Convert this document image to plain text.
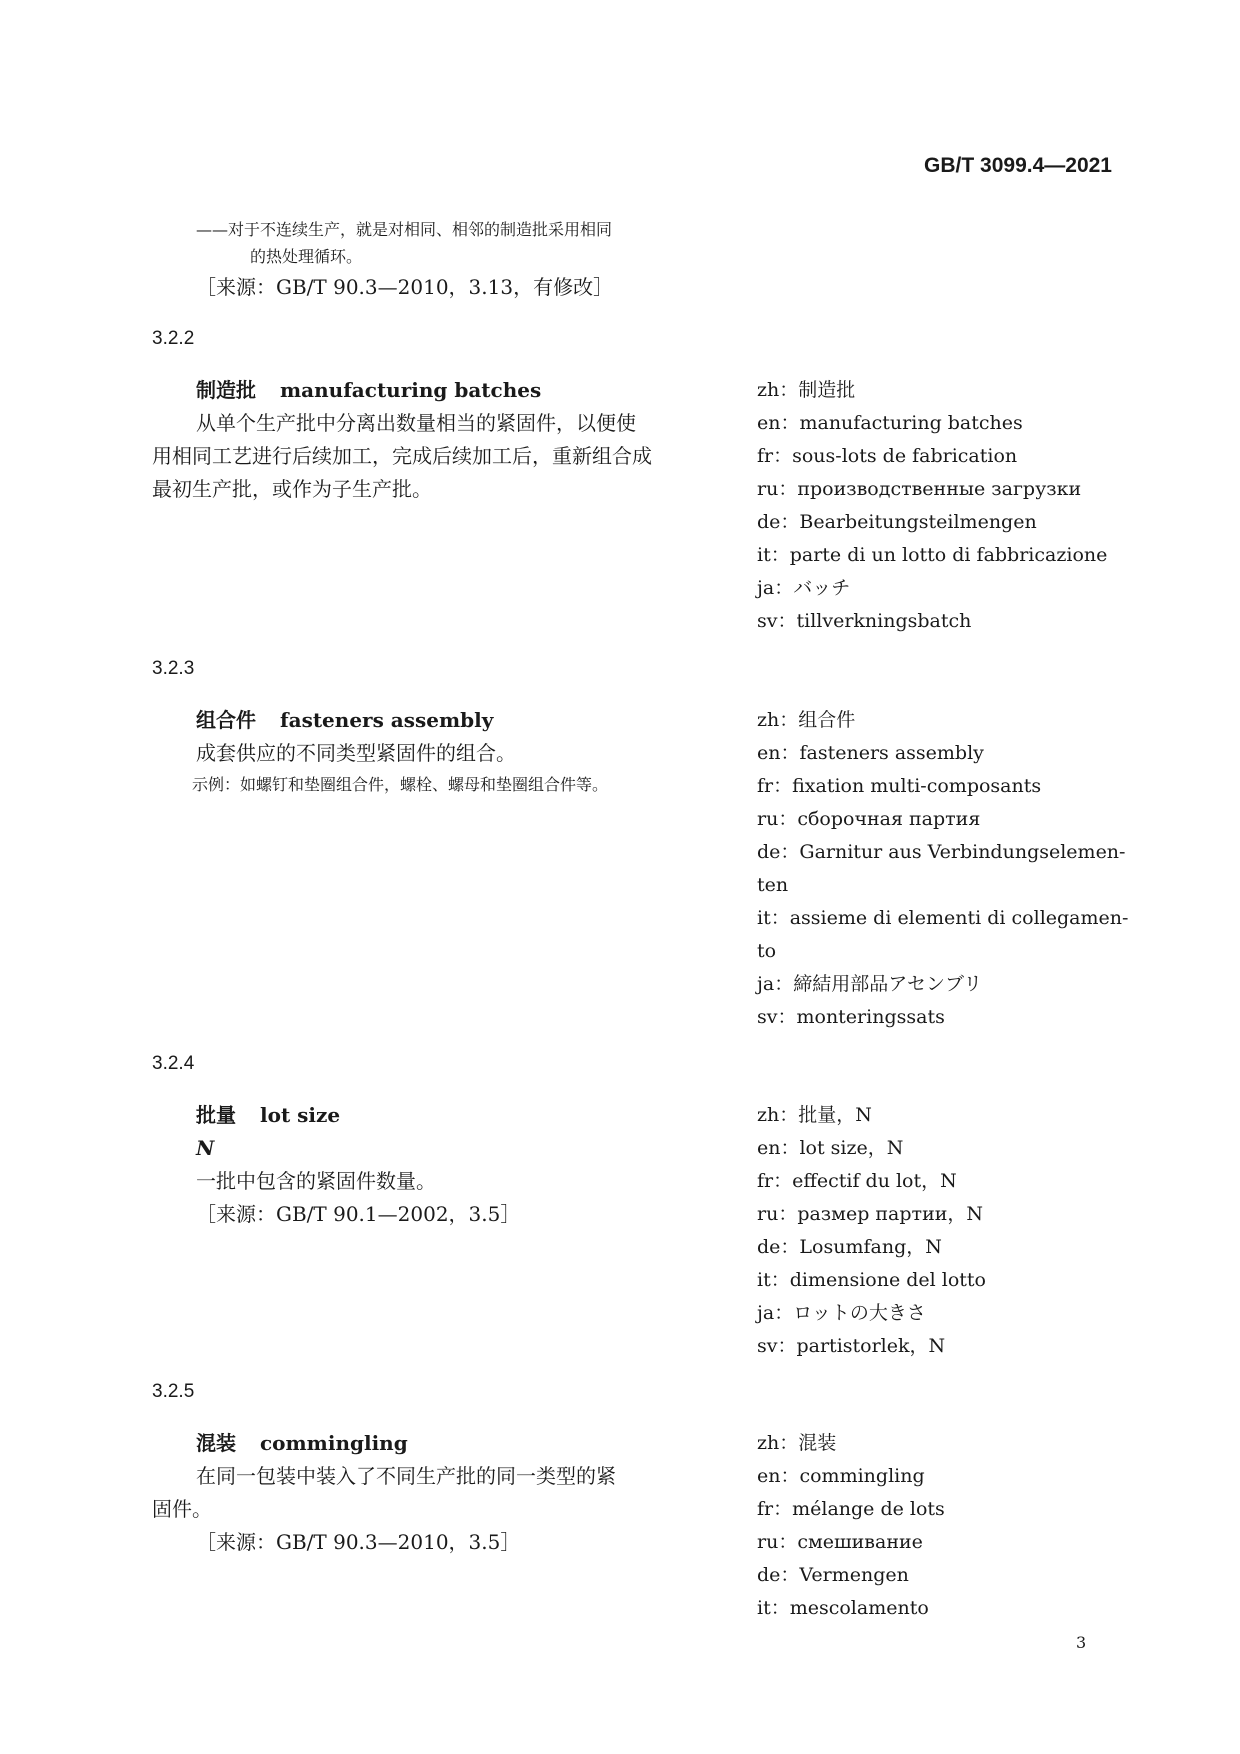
GB/T 3099.4—2021
——对于不连续生产，就是对相同、相邻的制造批采用相同
的热处理循环。
［来源：GB/T 90.3—2010，3.13，有修改］
3.2.2
制造批 manufacturing batches
从单个生产批中分离出数量相当的紧固件，以便使
用相同工艺进行后续加工，完成后续加工后，重新组合成
最初生产批，或作为子生产批。
zh：制造批
en：manufacturing batches
fr：sous-lots de fabrication
ru：производственные загрузки
de：Bearbeitungsteilmengen
it：parte di un lotto di fabbricazione
ja：バッチ
sv：tillverkningsbatch
3.2.3
组合件 fasteners assembly
成套供应的不同类型紧固件的组合。
示例：如螺钉和垫圈组合件，螺栓、螺母和垫圈组合件等。
zh：组合件
en：fasteners assembly
fr：fixation multi-composants
ru：сборочная партия
de：Garnitur aus Verbindungselemen-
ten
it：assieme di elementi di collegamen-
to
ja：締結用部品アセンブリ
sv：monteringssats
3.2.4
批量 lot size
N
一批中包含的紧固件数量。
［来源：GB/T 90.1—2002，3.5］
zh：批量，N
en：lot size，N
fr：effectif du lot，N
ru：размер партии，N
de：Losumfang，N
it：dimensione del lotto
ja：ロットの大きさ
sv：partistorlek，N
3.2.5
混装 commingling
在同一包装中装入了不同生产批的同一类型的紧
固件。
［来源：GB/T 90.3—2010，3.5］
zh：混装
en：commingling
fr：mélange de lots
ru：смешивание
de：Vermengen
it：mescolamento
3
